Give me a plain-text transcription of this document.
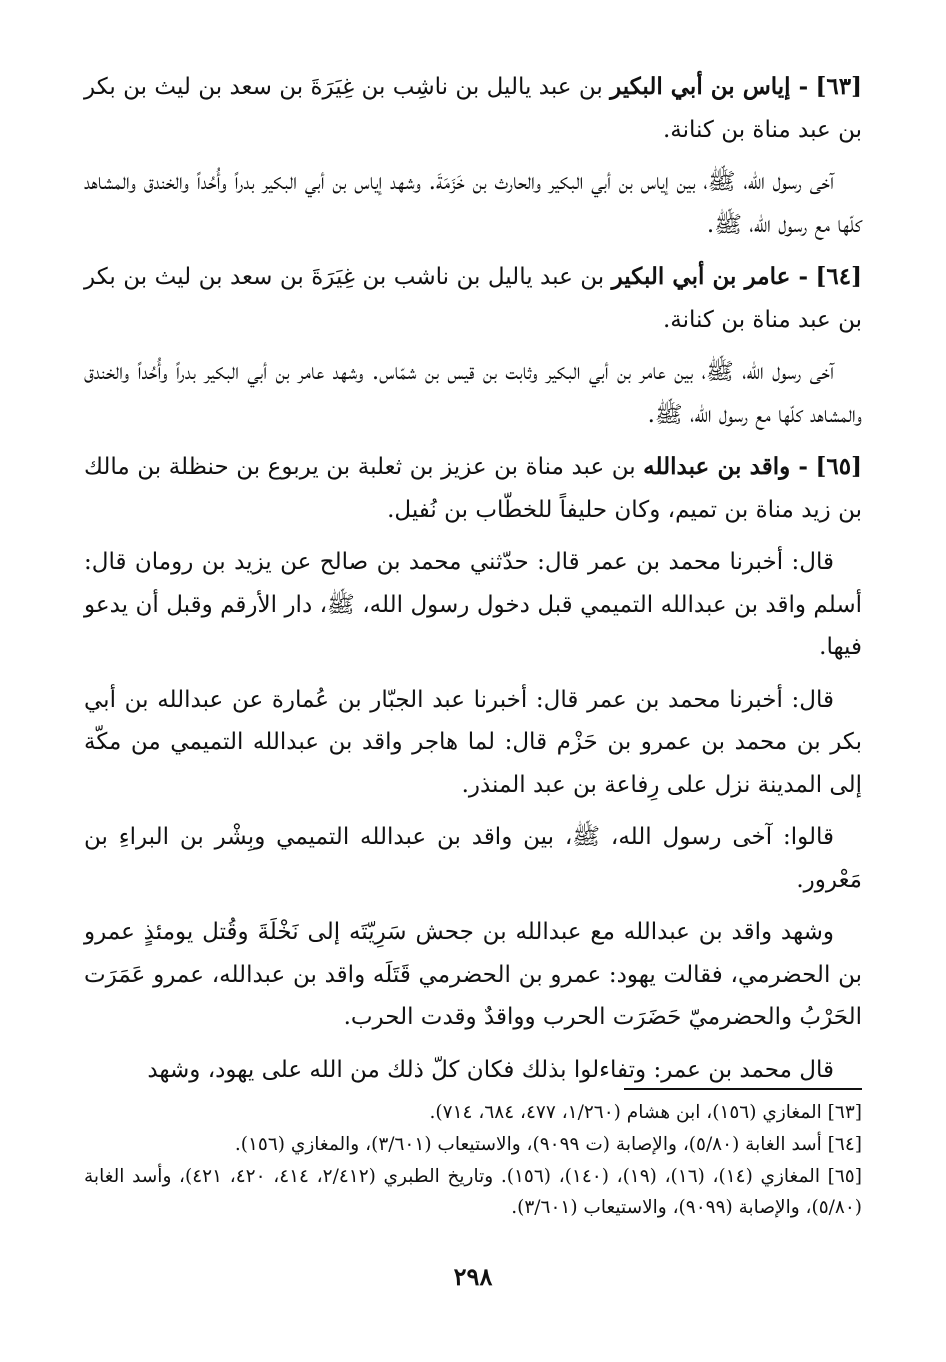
[٦٣] - إياس بن أبي البكير بن عبد ياليل بن ناشِب بن غِيَرَةَ بن سعد بن ليث بن بكر بن عبد مناة بن كنانة.

آخى رسول الله، ﷺ، بين إياس بن أبي البكير والحارث بن خَزَمَةَ. وشهد إياس بن أبي البكير بدراً وأُحُداً والخندق والمشاهد كلّها مع رسول الله، ﷺ.

[٦٤] - عامر بن أبي البكير بن عبد ياليل بن ناشب بن غِيَرَةَ بن سعد بن ليث بن بكر بن عبد مناة بن كنانة.

آخى رسول الله، ﷺ، بين عامر بن أبي البكير وثابت بن قيس بن شمّاس. وشهد عامر بن أبي البكير بدراً وأُحُداً والخندق والمشاهد كلّها مع رسول الله، ﷺ.

[٦٥] - واقد بن عبدالله بن عبد مناة بن عزيز بن ثعلبة بن يربوع بن حنظلة بن مالك بن زيد مناة بن تميم، وكان حليفاً للخطّاب بن نُفيل.

قال: أخبرنا محمد بن عمر قال: حدّثني محمد بن صالح عن يزيد بن رومان قال: أسلم واقد بن عبدالله التميمي قبل دخول رسول الله، ﷺ، دار الأرقم وقبل أن يدعو فيها.

قال: أخبرنا محمد بن عمر قال: أخبرنا عبد الجبّار بن عُمارة عن عبدالله بن أبي بكر بن محمد بن عمرو بن حَزْم قال: لما هاجر واقد بن عبدالله التميمي من مكّة إلى المدينة نزل على رِفاعة بن عبد المنذر.

قالوا: آخى رسول الله، ﷺ، بين واقد بن عبدالله التميمي وبِشْر بن البراءِ بن مَعْرور.

وشهد واقد بن عبدالله مع عبدالله بن جحش سَرِيّتَه إلى نَخْلَةَ وقُتل يومئذٍ عمرو بن الحضرمي، فقالت يهود: عمرو بن الحضرمي قَتَلَه واقد بن عبدالله، عمرو عَمَرَت الحَرْبُ والحضرميّ حَضَرَت الحرب وواقدٌ وقدت الحرب.

قال محمد بن عمر: وتفاءلوا بذلك فكان كلّ ذلك من الله على يهود، وشهد

[٦٣] المغازي (١٥٦)، ابن هشام (١/٢٦٠، ٤٧٧، ٦٨٤، ٧١٤).

[٦٤] أسد الغابة (٥/٨٠)، والإصابة (ت ٩٠٩٩)، والاستيعاب (٣/٦٠١)، والمغازي (١٥٦).

[٦٥] المغازي (١٤)، (١٦)، (١٩)، (١٤٠)، (١٥٦). وتاريخ الطبري (٢/٤١٢، ٤١٤، ٤٢٠، ٤٢١)، وأسد الغابة (٥/٨٠)، والإصابة (٩٠٩٩)، والاستيعاب (٣/٦٠١).

٢٩٨
